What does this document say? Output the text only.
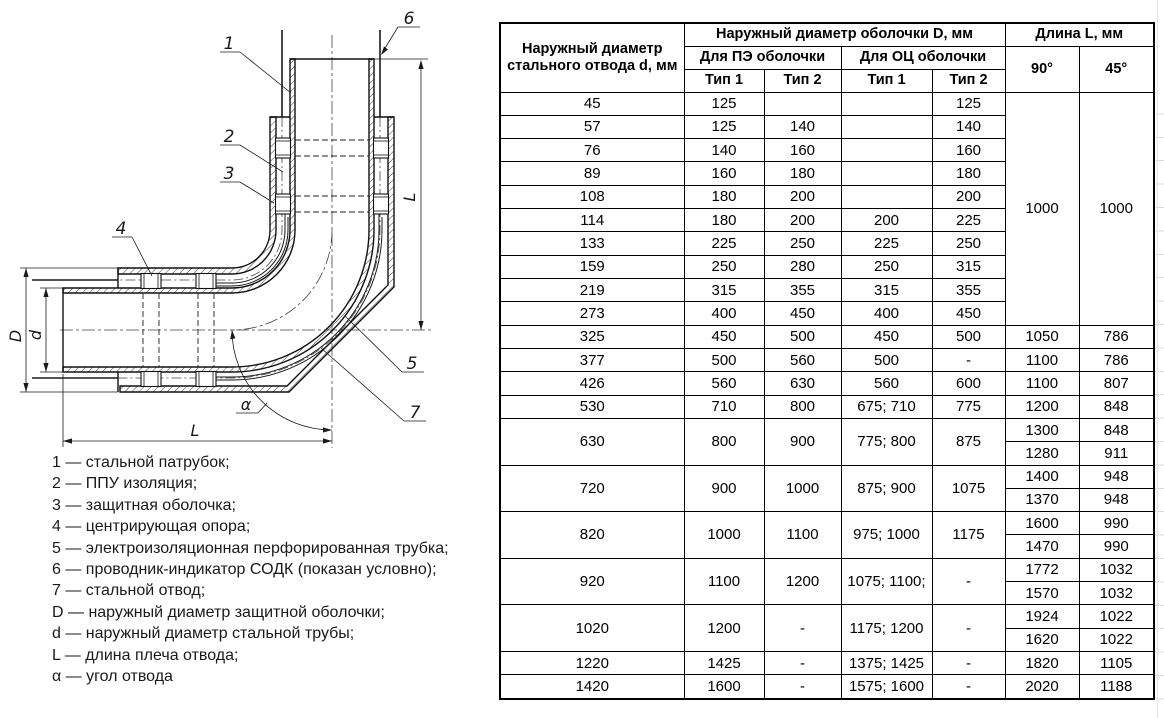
L
L
D d
α
1
2
3
4
5
6
7
1 — стальной патрубок;
2 — ППУ изоляция;
3 — защитная оболочка;
4 — центрирующая опора;
5 — электроизоляционная перфорированная трубка;
6 — проводник-индикатор СОДК (показан условно);
7 — стальной отвод;
D — наружный диаметр защитной оболочки;
d — наружный диаметр стальной трубы;
L — длина плеча отвода;
α — угол отвода
Наружный диаметр стального отвода d, мм	Наружный диаметр оболочки D, мм				Длина L, мм	
	Для ПЭ оболочки		Для ОЦ оболочки		90°	45°
	Тип 1	Тип 2	Тип 1	Тип 2		
45	125			125	1000	1000
57	125	140		140		
76	140	160		160		
89	160	180		180		
108	180	200		200		
114	180	200	200	225		
133	225	250	225	250		
159	250	280	250	315		
219	315	355	315	355		
273	400	450	400	450		
325	450	500	450	500	1050	786
377	500	560	500	-	1100	786
426	560	630	560	600	1100	807
530	710	800	675; 710	775	1200	848
630	800	900	775; 800	875	1300	848
					1280	911
720	900	1000	875; 900	1075	1400	948
					1370	948
820	1000	1100	975; 1000	1175	1600	990
					1470	990
920	1100	1200	1075; 1100;	-	1772	1032
					1570	1032
1020	1200	-	1175; 1200	-	1924	1022
					1620	1022
1220	1425	-	1375; 1425	-	1820	1105
1420	1600	-	1575; 1600	-	2020	1188
